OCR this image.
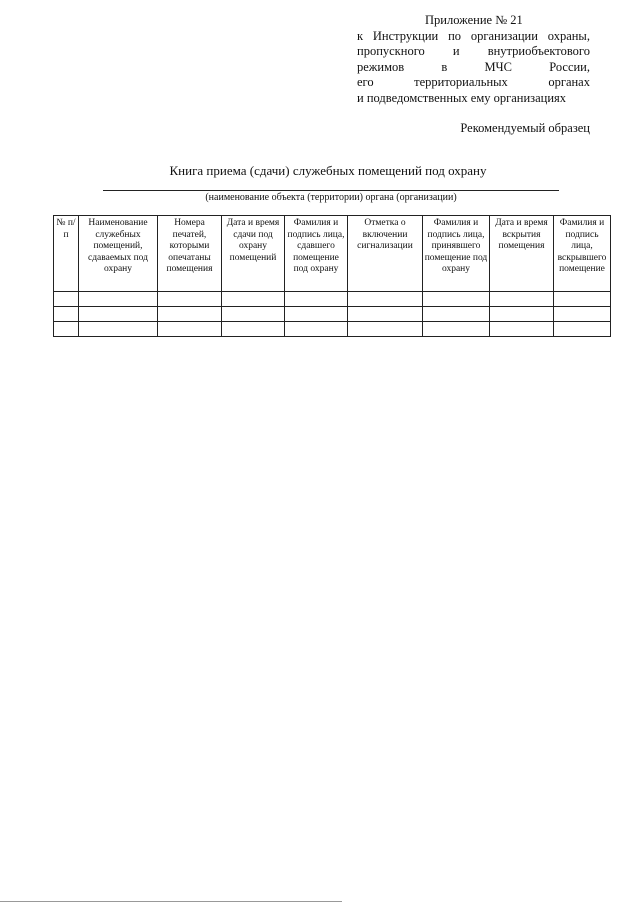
Приложение № 21
к Инструкции по организации охраны,
пропускного и внутриобъектового
режимов	в	МЧС	России,
его	территориальных	органах
и подведомственных ему организациях
Рекомендуемый образец
Книга приема (сдачи) служебных помещений под охрану
(наименование объекта (территории) органа (организации)
№ п/п	Наименование служебных помещений, сдаваемых под охрану	Номера печатей, которыми опечатаны помещения	Дата и время сдачи под охрану помещений	Фамилия и подпись лица, сдавшего помещение под охрану	Отметка о включении сигнализации	Фамилия и подпись лица, принявшего помещение под охрану	Дата и время вскрытия помещения	Фамилия и подпись лица, вскрывшего помещение
